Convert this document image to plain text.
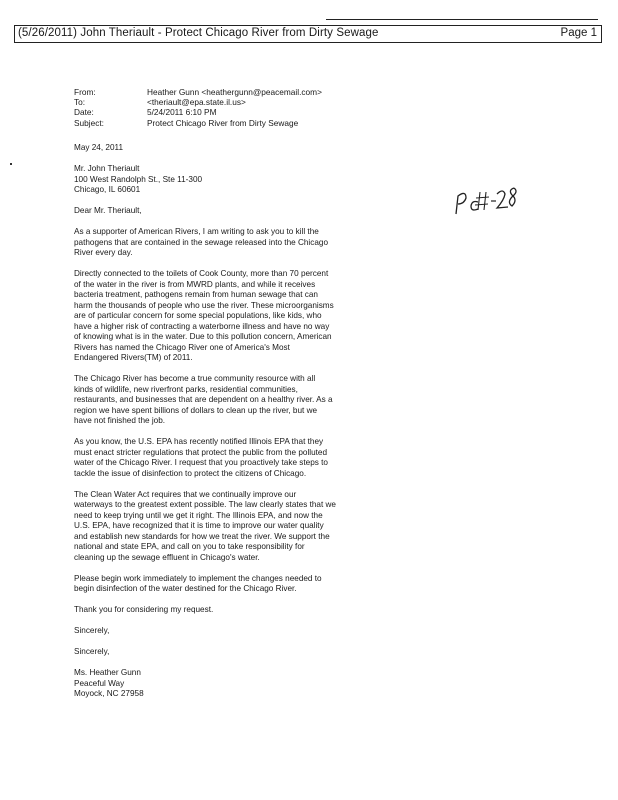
(5/26/2011) John Theriault - Protect Chicago River from Dirty Sewage	Page 1
From:	Heather Gunn <heathergunn@peacemail.com>
To:	<theriault@epa.state.il.us>
Date:	5/24/2011 6:10 PM
Subject:	Protect Chicago River from Dirty Sewage

May 24, 2011

Mr. John Theriault
100 West Randolph St., Ste 11-300
Chicago, IL 60601

Dear Mr. Theriault,

As a supporter of American Rivers, I am writing to ask you to kill the pathogens that are contained in the sewage released into the Chicago River every day.

Directly connected to the toilets of Cook County, more than 70 percent of the water in the river is from MWRD plants, and while it receives bacteria treatment, pathogens remain from human sewage that can harm the thousands of people who use the river. These microorganisms are of particular concern for some special populations, like kids, who have a higher risk of contracting a waterborne illness and have no way of knowing what is in the water. Due to this pollution concern, American Rivers has named the Chicago River one of America's Most Endangered Rivers(TM) of 2011.

The Chicago River has become a true community resource with all kinds of wildlife, new riverfront parks, residential communities, restaurants, and businesses that are dependent on a healthy river. As a region we have spent billions of dollars to clean up the river, but we have not finished the job.

As you know, the U.S. EPA has recently notified Illinois EPA that they must enact stricter regulations that protect the public from the polluted water of the Chicago River. I request that you proactively take steps to tackle the issue of disinfection to protect the citizens of Chicago.

The Clean Water Act requires that we continually improve our waterways to the greatest extent possible. The law clearly states that we need to keep trying until we get it right. The Illinois EPA, and now the U.S. EPA, have recognized that it is time to improve our water quality and establish new standards for how we treat the river. We support the national and state EPA, and call on you to take responsibility for cleaning up the sewage effluent in Chicago's water.

Please begin work immediately to implement the changes needed to begin disinfection of the water destined for the Chicago River.

Thank you for considering my request.

Sincerely,

Sincerely,

Ms. Heather Gunn
Peaceful Way
Moyock, NC 27958
